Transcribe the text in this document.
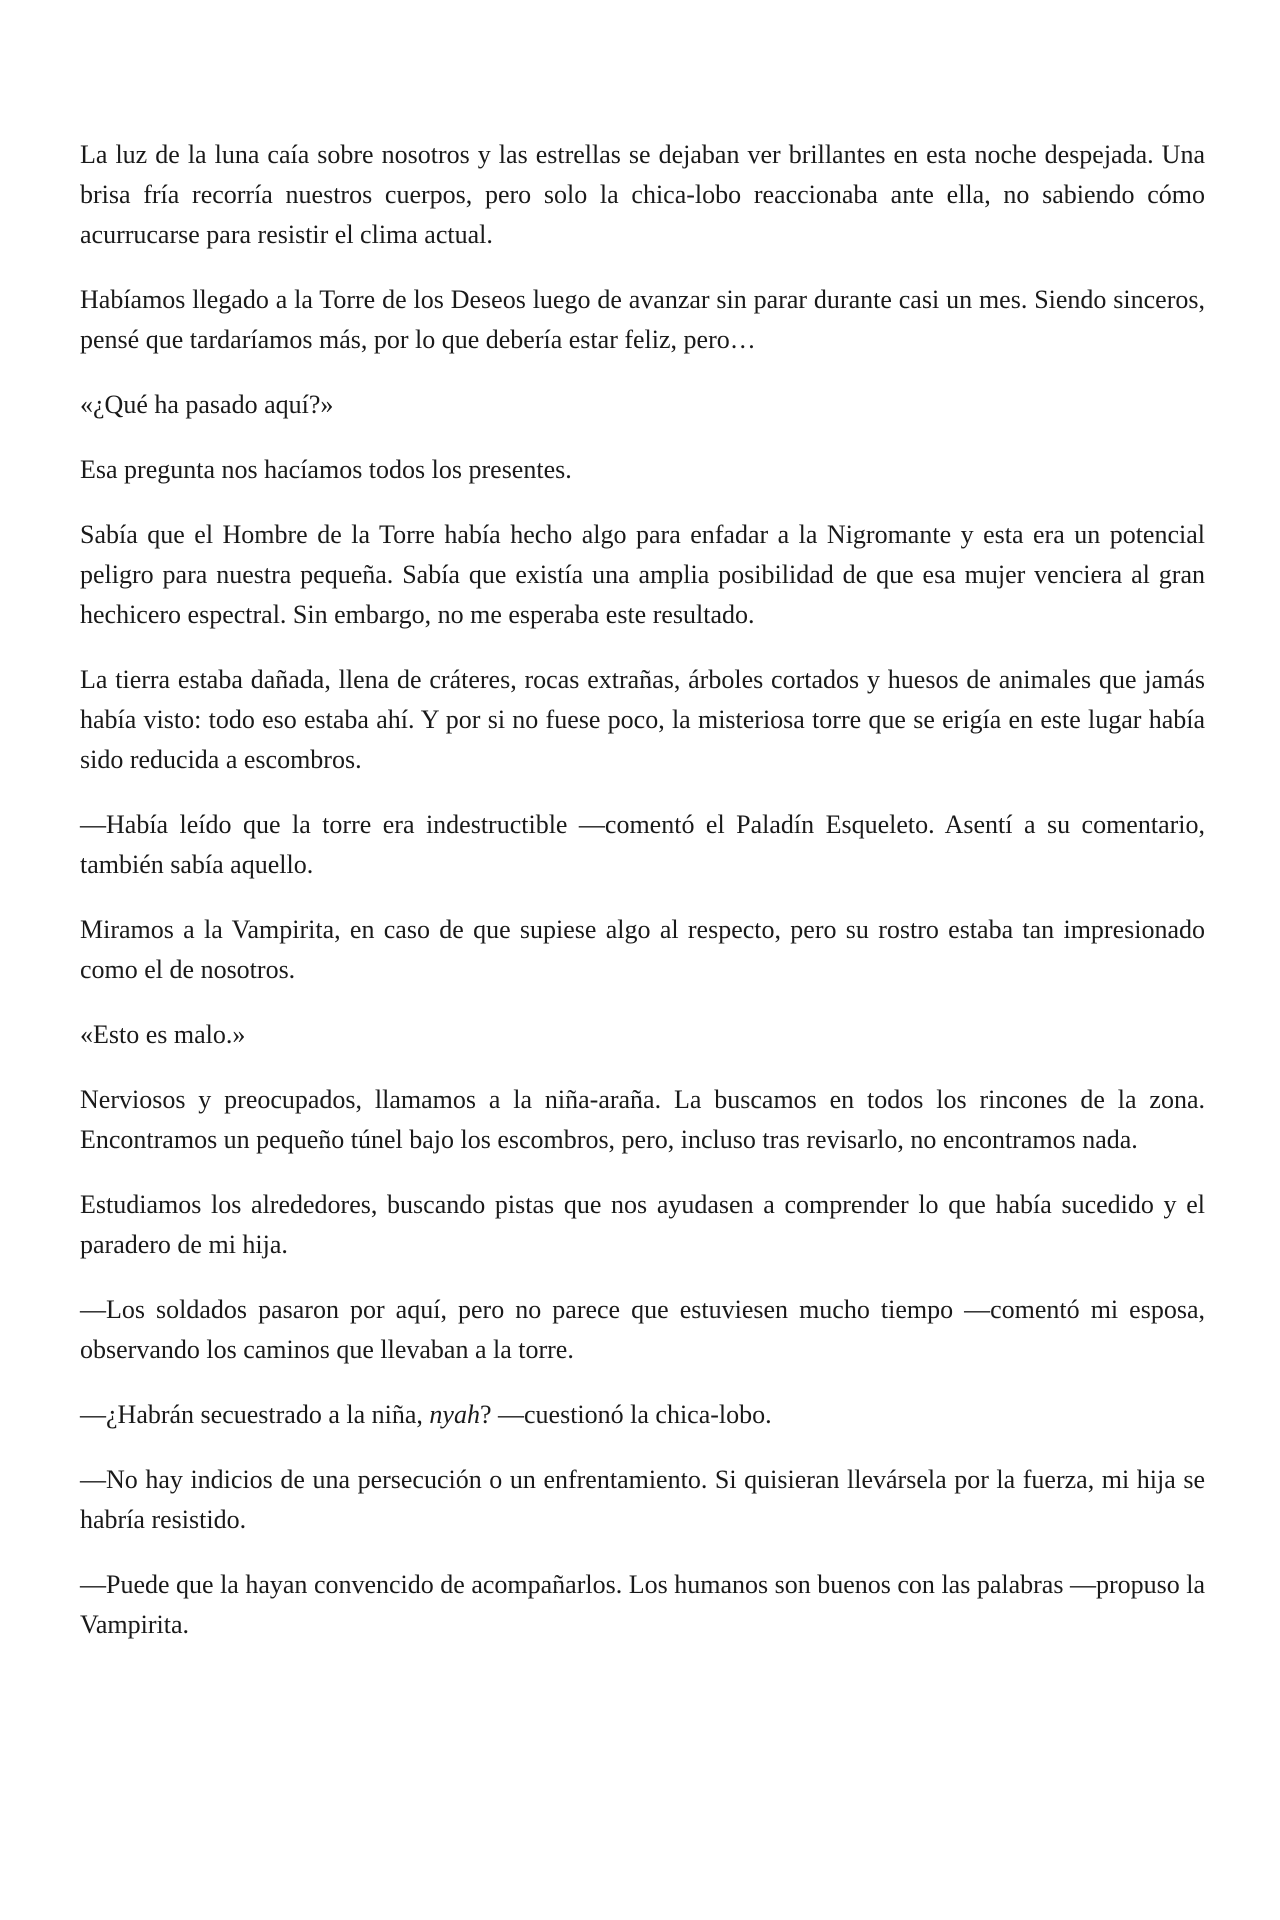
La luz de la luna caía sobre nosotros y las estrellas se dejaban ver brillantes en esta noche despejada. Una brisa fría recorría nuestros cuerpos, pero solo la chica-lobo reaccionaba ante ella, no sabiendo cómo acurrucarse para resistir el clima actual.

Habíamos llegado a la Torre de los Deseos luego de avanzar sin parar durante casi un mes. Siendo sinceros, pensé que tardaríamos más, por lo que debería estar feliz, pero…

«¿Qué ha pasado aquí?»

Esa pregunta nos hacíamos todos los presentes.

Sabía que el Hombre de la Torre había hecho algo para enfadar a la Nigromante y esta era un potencial peligro para nuestra pequeña. Sabía que existía una amplia posibilidad de que esa mujer venciera al gran hechicero espectral. Sin embargo, no me esperaba este resultado.

La tierra estaba dañada, llena de cráteres, rocas extrañas, árboles cortados y huesos de animales que jamás había visto: todo eso estaba ahí. Y por si no fuese poco, la misteriosa torre que se erigía en este lugar había sido reducida a escombros.

—Había leído que la torre era indestructible —comentó el Paladín Esqueleto. Asentí a su comentario, también sabía aquello.

Miramos a la Vampirita, en caso de que supiese algo al respecto, pero su rostro estaba tan impresionado como el de nosotros.

«Esto es malo.»

Nerviosos y preocupados, llamamos a la niña-araña. La buscamos en todos los rincones de la zona. Encontramos un pequeño túnel bajo los escombros, pero, incluso tras revisarlo, no encontramos nada.

Estudiamos los alrededores, buscando pistas que nos ayudasen a comprender lo que había sucedido y el paradero de mi hija.

—Los soldados pasaron por aquí, pero no parece que estuviesen mucho tiempo —comentó mi esposa, observando los caminos que llevaban a la torre.

—¿Habrán secuestrado a la niña, nyah? —cuestionó la chica-lobo.

—No hay indicios de una persecución o un enfrentamiento. Si quisieran llevársela por la fuerza, mi hija se habría resistido.

—Puede que la hayan convencido de acompañarlos. Los humanos son buenos con las palabras —propuso la Vampirita.
